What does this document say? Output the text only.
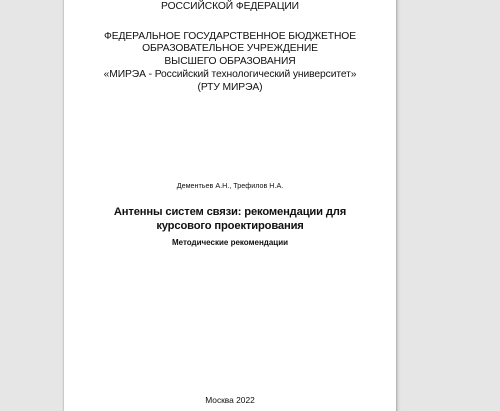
РОССИЙСКОЙ ФЕДЕРАЦИИ
ФЕДЕРАЛЬНОЕ ГОСУДАРСТВЕННОЕ БЮДЖЕТНОЕ
ОБРАЗОВАТЕЛЬНОЕ УЧРЕЖДЕНИЕ
ВЫСШЕГО ОБРАЗОВАНИЯ
«МИРЭА - Российский технологический университет»
(РТУ МИРЭА)
Дементьев А.Н., Трефилов Н.А.
Антенны систем связи: рекомендации для
курсового проектирования
Методические рекомендации
Москва 2022
